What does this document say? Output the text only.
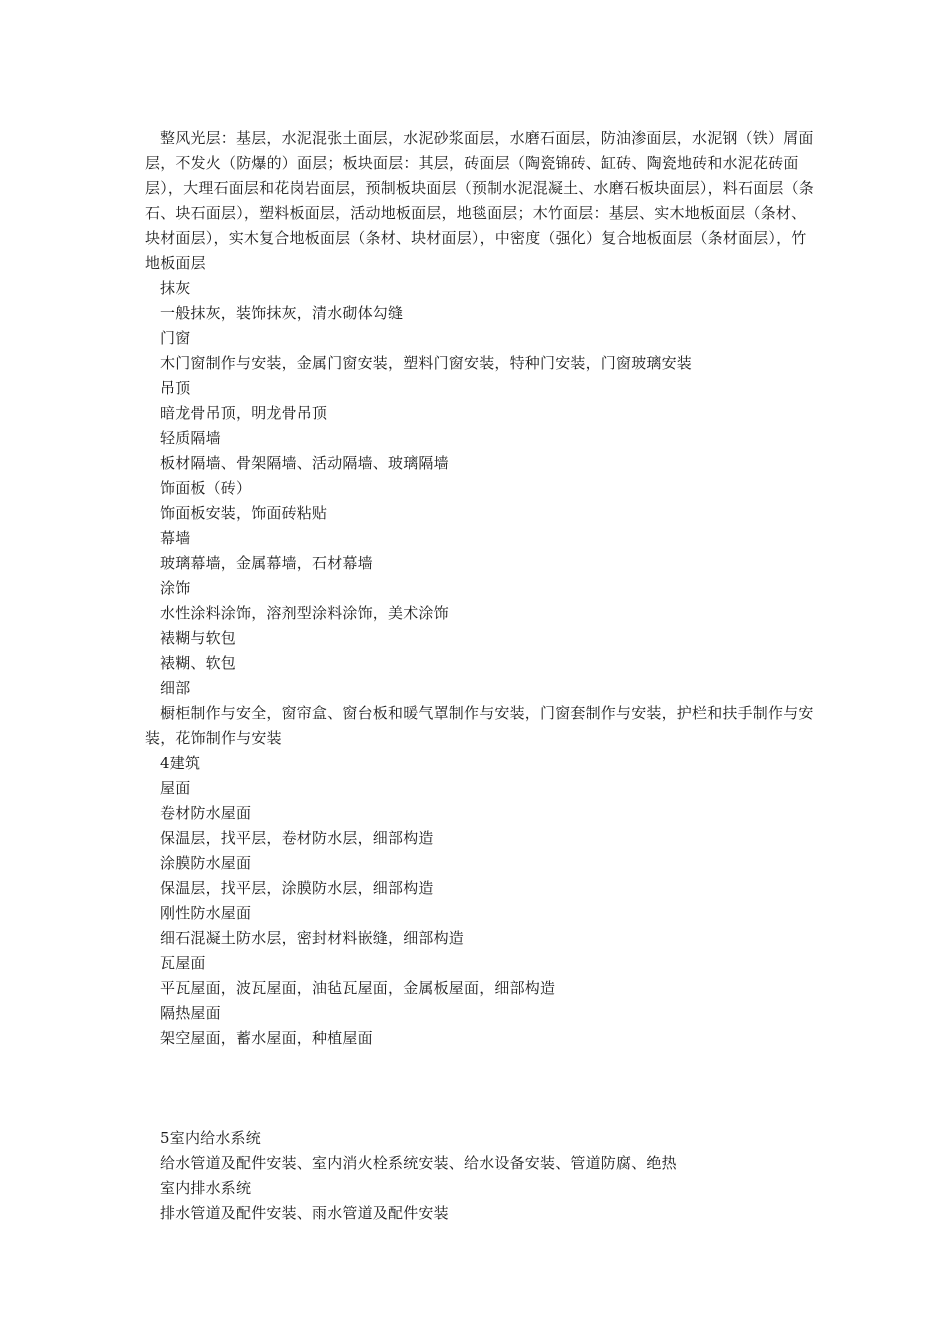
整风光层：基层，水泥混张土面层，水泥砂浆面层，水磨石面层，防油渗面层，水泥钢（铁）屑面层，不发火（防爆的）面层；板块面层：其层，砖面层（陶瓷锦砖、缸砖、陶瓷地砖和水泥花砖面层），大理石面层和花岗岩面层，预制板块面层（预制水泥混凝土、水磨石板块面层），料石面层（条石、块石面层），塑料板面层，活动地板面层，地毯面层；木竹面层：基层、实木地板面层（条材、块材面层），实木复合地板面层（条材、块材面层），中密度（强化）复合地板面层（条材面层），竹地板面层

抹灰

一般抹灰，装饰抹灰，清水砌体勾缝

门窗

木门窗制作与安装，金属门窗安装，塑料门窗安装，特种门安装，门窗玻璃安装

吊顶

暗龙骨吊顶，明龙骨吊顶

轻质隔墙

板材隔墙、骨架隔墙、活动隔墙、玻璃隔墙

饰面板（砖）

饰面板安装，饰面砖粘贴

幕墙

玻璃幕墙，金属幕墙，石材幕墙

涂饰

水性涂料涂饰，溶剂型涂料涂饰，美术涂饰

裱糊与软包

裱糊、软包

细部

橱柜制作与安全，窗帘盒、窗台板和暖气罩制作与安装，门窗套制作与安装，护栏和扶手制作与安装，花饰制作与安装

4建筑

屋面

卷材防水屋面

保温层，找平层，卷材防水层，细部构造

涂膜防水屋面

保温层，找平层，涂膜防水层，细部构造

刚性防水屋面

细石混凝土防水层，密封材料嵌缝，细部构造

瓦屋面

平瓦屋面，波瓦屋面，油毡瓦屋面，金属板屋面，细部构造

隔热屋面

架空屋面，蓄水屋面，种植屋面

5室内给水系统

给水管道及配件安装、室内消火栓系统安装、给水设备安装、管道防腐、绝热

室内排水系统

排水管道及配件安装、雨水管道及配件安装
